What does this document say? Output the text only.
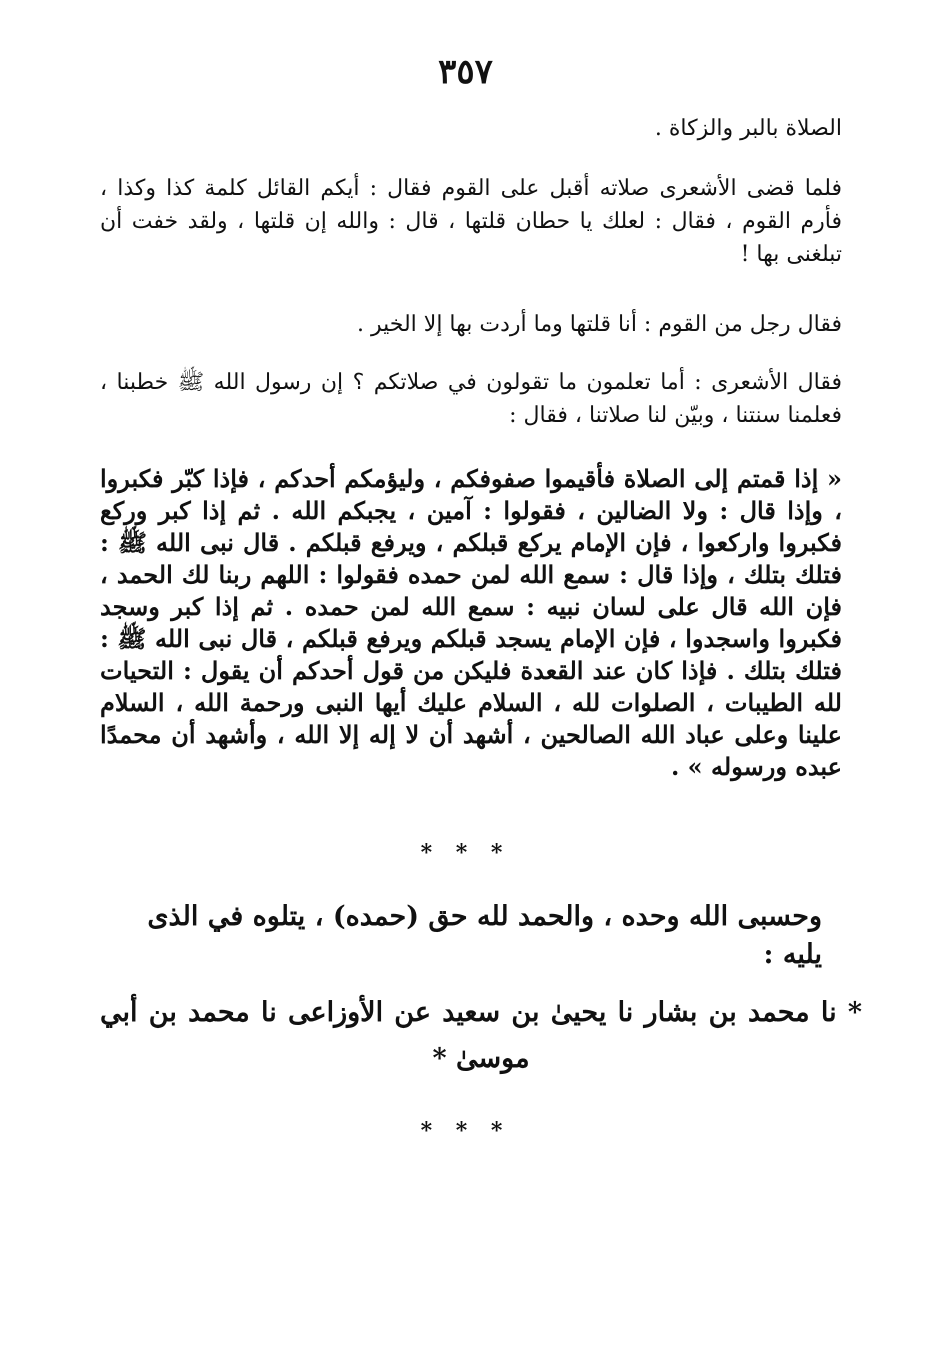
٣٥٧
الصلاة بالبر والزكاة .
فلما قضى الأشعرى صلاته أقبل على القوم فقال : أيكم القائل كلمة كذا وكذا ، فأرم القوم ، فقال : لعلك يا حطان قلتها ، قال : والله إن قلتها ، ولقد خفت أن تبلغنى بها !
فقال رجل من القوم : أنا قلتها وما أردت بها إلا الخير .
فقال الأشعرى : أما تعلمون ما تقولون في صلاتكم ؟ إن رسول الله ﷺ خطبنا ، فعلمنا سنتنا ، وبيّن لنا صلاتنا ، فقال :
« إذا قمتم إلى الصلاة فأقيموا صفوفكم ، وليؤمكم أحدكم ، فإذا كبّر فكبروا ، وإذا قال : ولا الضالين ، فقولوا : آمين ، يجبكم الله . ثم إذا كبر وركع فكبروا واركعوا ، فإن الإمام يركع قبلكم ، ويرفع قبلكم . قال نبى الله ﷺ : فتلك بتلك ، وإذا قال : سمع الله لمن حمده فقولوا : اللهم ربنا لك الحمد ، فإن الله قال على لسان نبيه : سمع الله لمن حمده . ثم إذا كبر وسجد فكبروا واسجدوا ، فإن الإمام يسجد قبلكم ويرفع قبلكم ، قال نبى الله ﷺ : فتلك بتلك . فإذا كان عند القعدة فليكن من قول أحدكم أن يقول : التحيات لله الطيبات ، الصلوات لله ، السلام عليك أيها النبى ورحمة الله ، السلام علينا وعلى عباد الله الصالحين ، أشهد أن لا إله إلا الله ، وأشهد أن محمدًا عبده ورسوله » .
* * *
وحسبى الله وحده ، والحمد لله حق (حمده) ، يتلوه في الذى يليه :
* نا محمد بن بشار نا يحيىٰ بن سعيد عن الأوزاعى نا محمد بن أبي موسىٰ *
* * *
